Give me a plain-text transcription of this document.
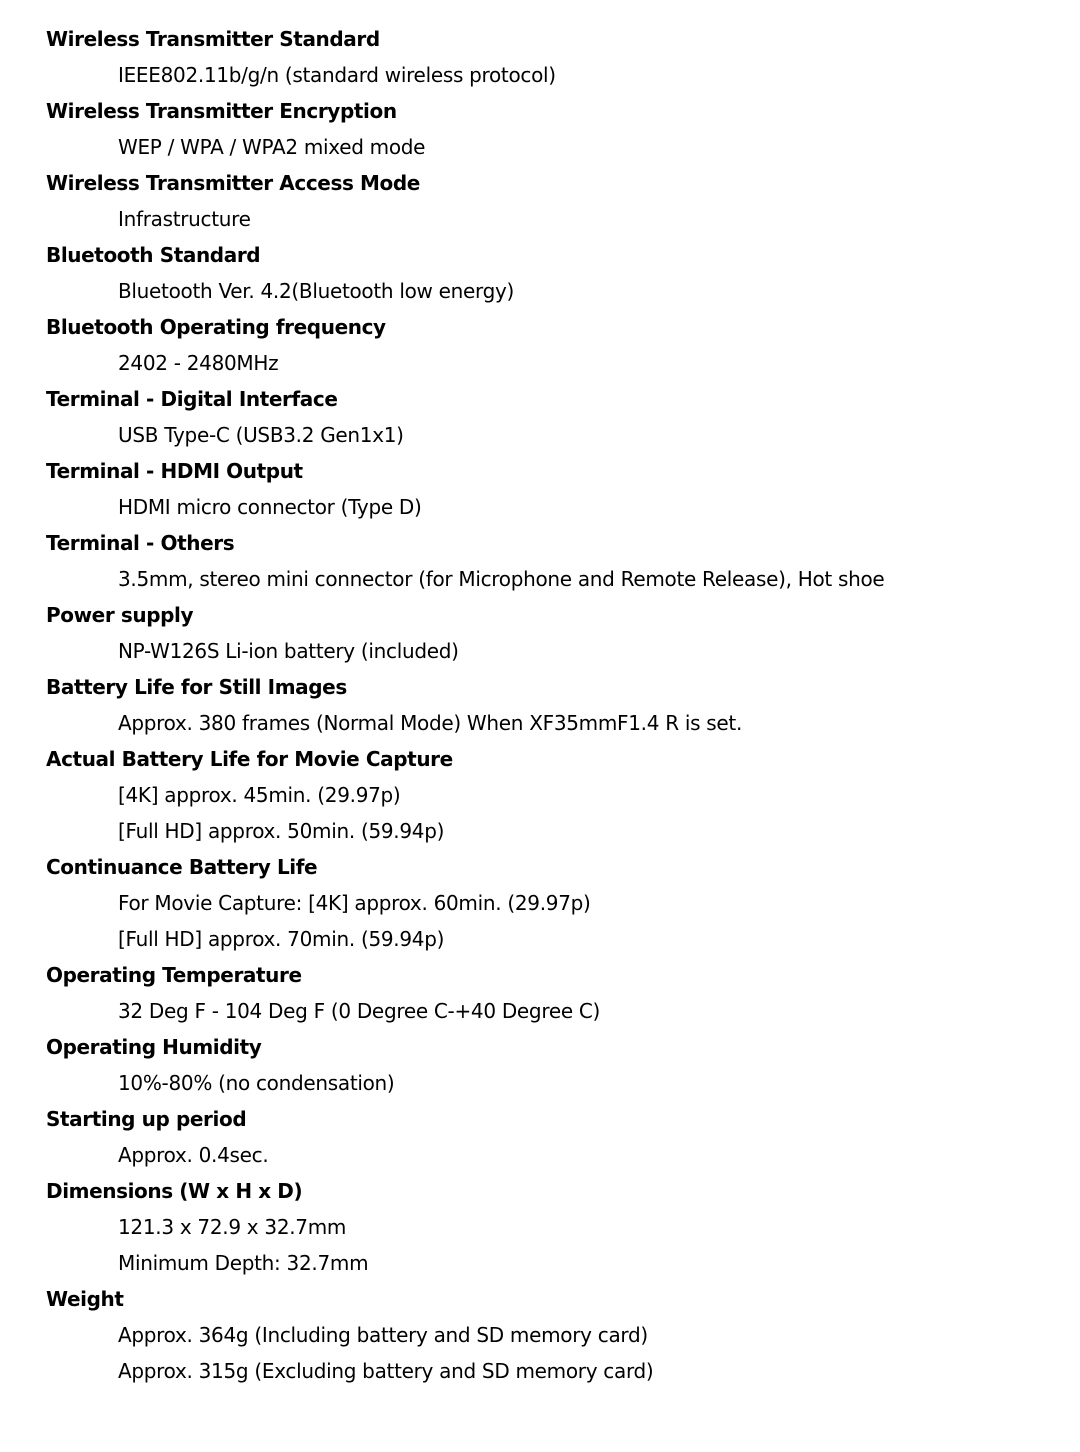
Wireless Transmitter Standard
IEEE802.11b/g/n (standard wireless protocol)
Wireless Transmitter Encryption
WEP / WPA / WPA2 mixed mode
Wireless Transmitter Access Mode
Infrastructure
Bluetooth Standard
Bluetooth Ver. 4.2(Bluetooth low energy)
Bluetooth Operating frequency
2402 - 2480MHz
Terminal - Digital Interface
USB Type-C (USB3.2 Gen1x1)
Terminal - HDMI Output
HDMI micro connector (Type D)
Terminal - Others
3.5mm, stereo mini connector (for Microphone and Remote Release), Hot shoe
Power supply
NP-W126S Li-ion battery (included)
Battery Life for Still Images
Approx. 380 frames (Normal Mode) When XF35mmF1.4 R is set.
Actual Battery Life for Movie Capture
[4K] approx. 45min. (29.97p)
[Full HD] approx. 50min. (59.94p)
Continuance Battery Life
For Movie Capture: [4K] approx. 60min. (29.97p)
[Full HD] approx. 70min. (59.94p)
Operating Temperature
32 Deg F - 104 Deg F (0 Degree C-+40 Degree C)
Operating Humidity
10%-80% (no condensation)
Starting up period
Approx. 0.4sec.
Dimensions (W x H x D)
121.3 x 72.9 x 32.7mm
Minimum Depth: 32.7mm
Weight
Approx. 364g (Including battery and SD memory card)
Approx. 315g (Excluding battery and SD memory card)
